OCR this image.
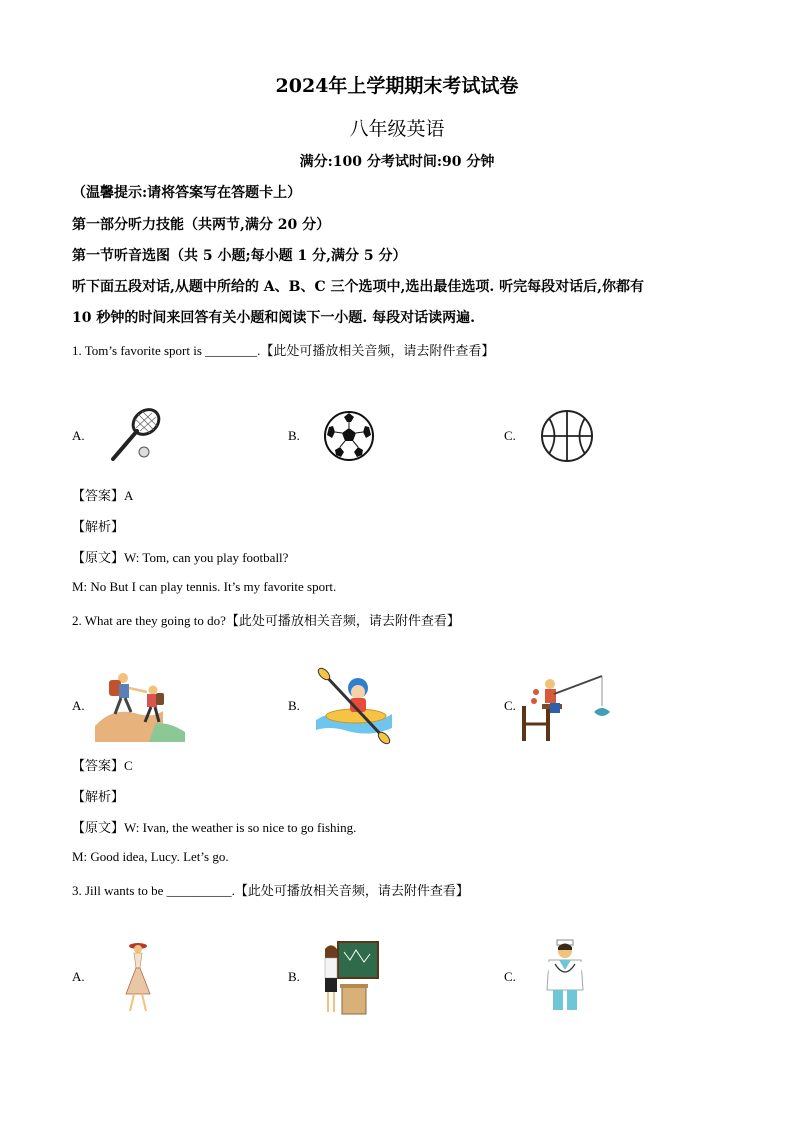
2024年上学期期末考试试卷
八年级英语
满分:100 分考试时间:90 分钟
（温馨提示:请将答案写在答题卡上）
第一部分听力技能（共两节,满分 20 分）
第一节听音选图（共 5 小题;每小题 1 分,满分 5 分）
听下面五段对话,从题中所给的 A、B、C 三个选项中,选出最佳选项. 听完每段对话后,你都有
10 秒钟的时间来回答有关小题和阅读下一小题. 每段对话读两遍.
1. Tom’s favorite sport is ________.【此处可播放相关音频，请去附件查看】
A.	B.	C.
【答案】A
【解析】
【原文】W: Tom, can you play football?
M: No But I can play tennis. It’s my favorite sport.
2. What are they going to do?【此处可播放相关音频，请去附件查看】
A.	B.	C.
【答案】C
【解析】
【原文】W: Ivan, the weather is so nice to go fishing.
M: Good idea, Lucy. Let’s go.
3. Jill wants to be __________.【此处可播放相关音频，请去附件查看】
A.	B.	C.
